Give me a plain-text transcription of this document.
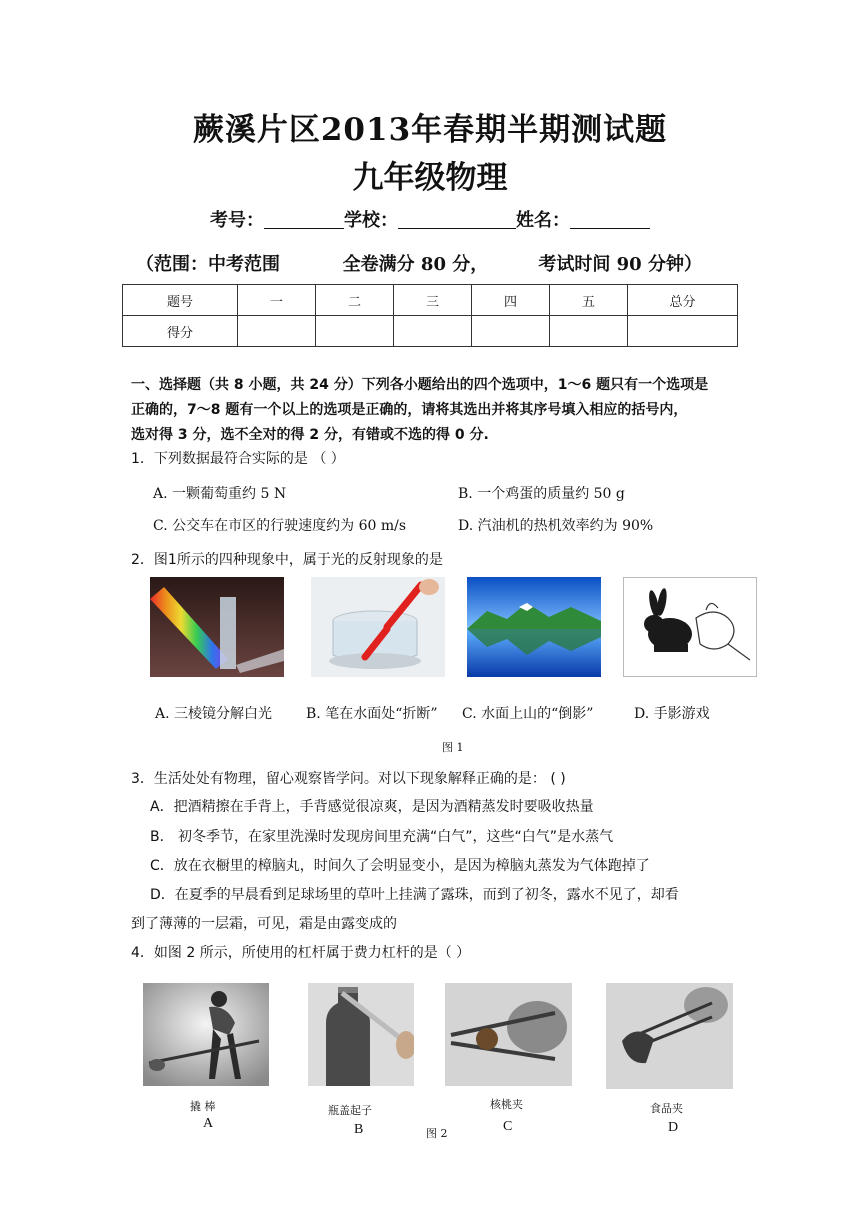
蕨溪片区2013年春期半期测试题
九年级物理
考号：	学校：	姓名：
（范围：中考范围          全卷满分 80 分，        考试时间 90 分钟）
题号	一	二	三	四	五	总分
得分						
一、选择题（共 8 小题，共 24 分）下列各小题给出的四个选项中，1～6 题只有一个选项是
正确的，7～8 题有一个以上的选项是正确的，请将其选出并将其序号填入相应的括号内，
选对得 3 分，选不全对的得 2 分，有错或不选的得 0 分.
1．下列数据最符合实际的是 （ ）
A. 一颗葡萄重约 5 N	B. 一个鸡蛋的质量约 50 g
C. 公交车在市区的行驶速度约为 60 m/s	D. 汽油机的热机效率约为 90%
2．图1所示的四种现象中，属于光的反射现象的是
A. 三棱镜分解白光 B. 笔在水面处“折断” C. 水面上山的“倒影”	D. 手影游戏
图 1
3．生活处处有物理，留心观察皆学问。对以下现象解释正确的是： ( )
A．把酒精擦在手背上，手背感觉很凉爽，是因为酒精蒸发时要吸收热量
B． 初冬季节，在家里洗澡时发现房间里充满“白气”，这些“白气”是水蒸气
C．放在衣橱里的樟脑丸，时间久了会明显变小，是因为樟脑丸蒸发为气体跑掉了
D．在夏季的早晨看到足球场里的草叶上挂满了露珠，而到了初冬，露水不见了，却看
到了薄薄的一层霜，可见，霜是由露变成的
4．如图 2 所示，所使用的杠杆属于费力杠杆的是（ ）
撬 棒
A
瓶盖起子
B
核桃夹
C
食品夹
D
图 2
